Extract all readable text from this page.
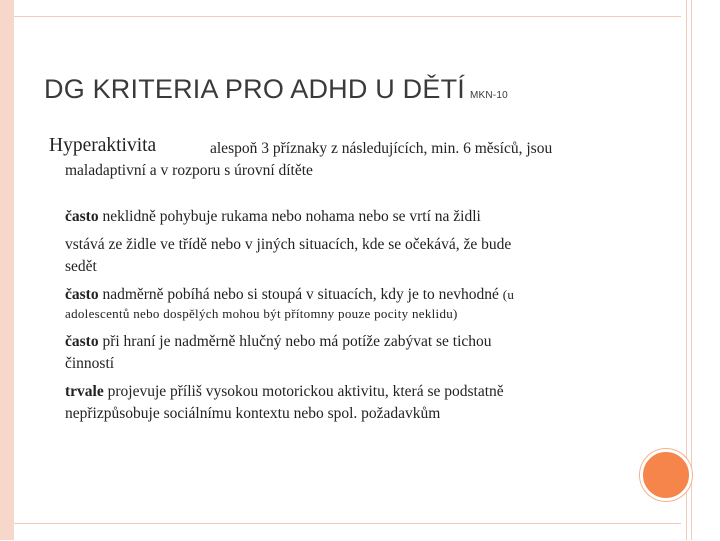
DG KRITERIA PRO ADHD U DĚTÍ MKN-10
Hyperaktivita	alespoň 3 příznaky z následujících, min. 6 měsíců, jsou
maladaptivní a v rozporu s úrovní dítěte
často neklidně pohybuje rukama nebo nohama nebo se vrtí na židli
vstává ze židle ve třídě nebo v jiných situacích, kde se očekává, že bude
sedět
často nadměrně pobíhá nebo si stoupá v situacích, kdy je to nevhodné (u
adolescentů nebo dospělých mohou být přítomny pouze pocity neklidu)
často při hraní je nadměrně hlučný nebo má potíže zabývat se tichou
činností
trvale projevuje příliš vysokou motorickou aktivitu, která se podstatně
nepřizpůsobuje sociálnímu kontextu nebo spol. požadavkům
